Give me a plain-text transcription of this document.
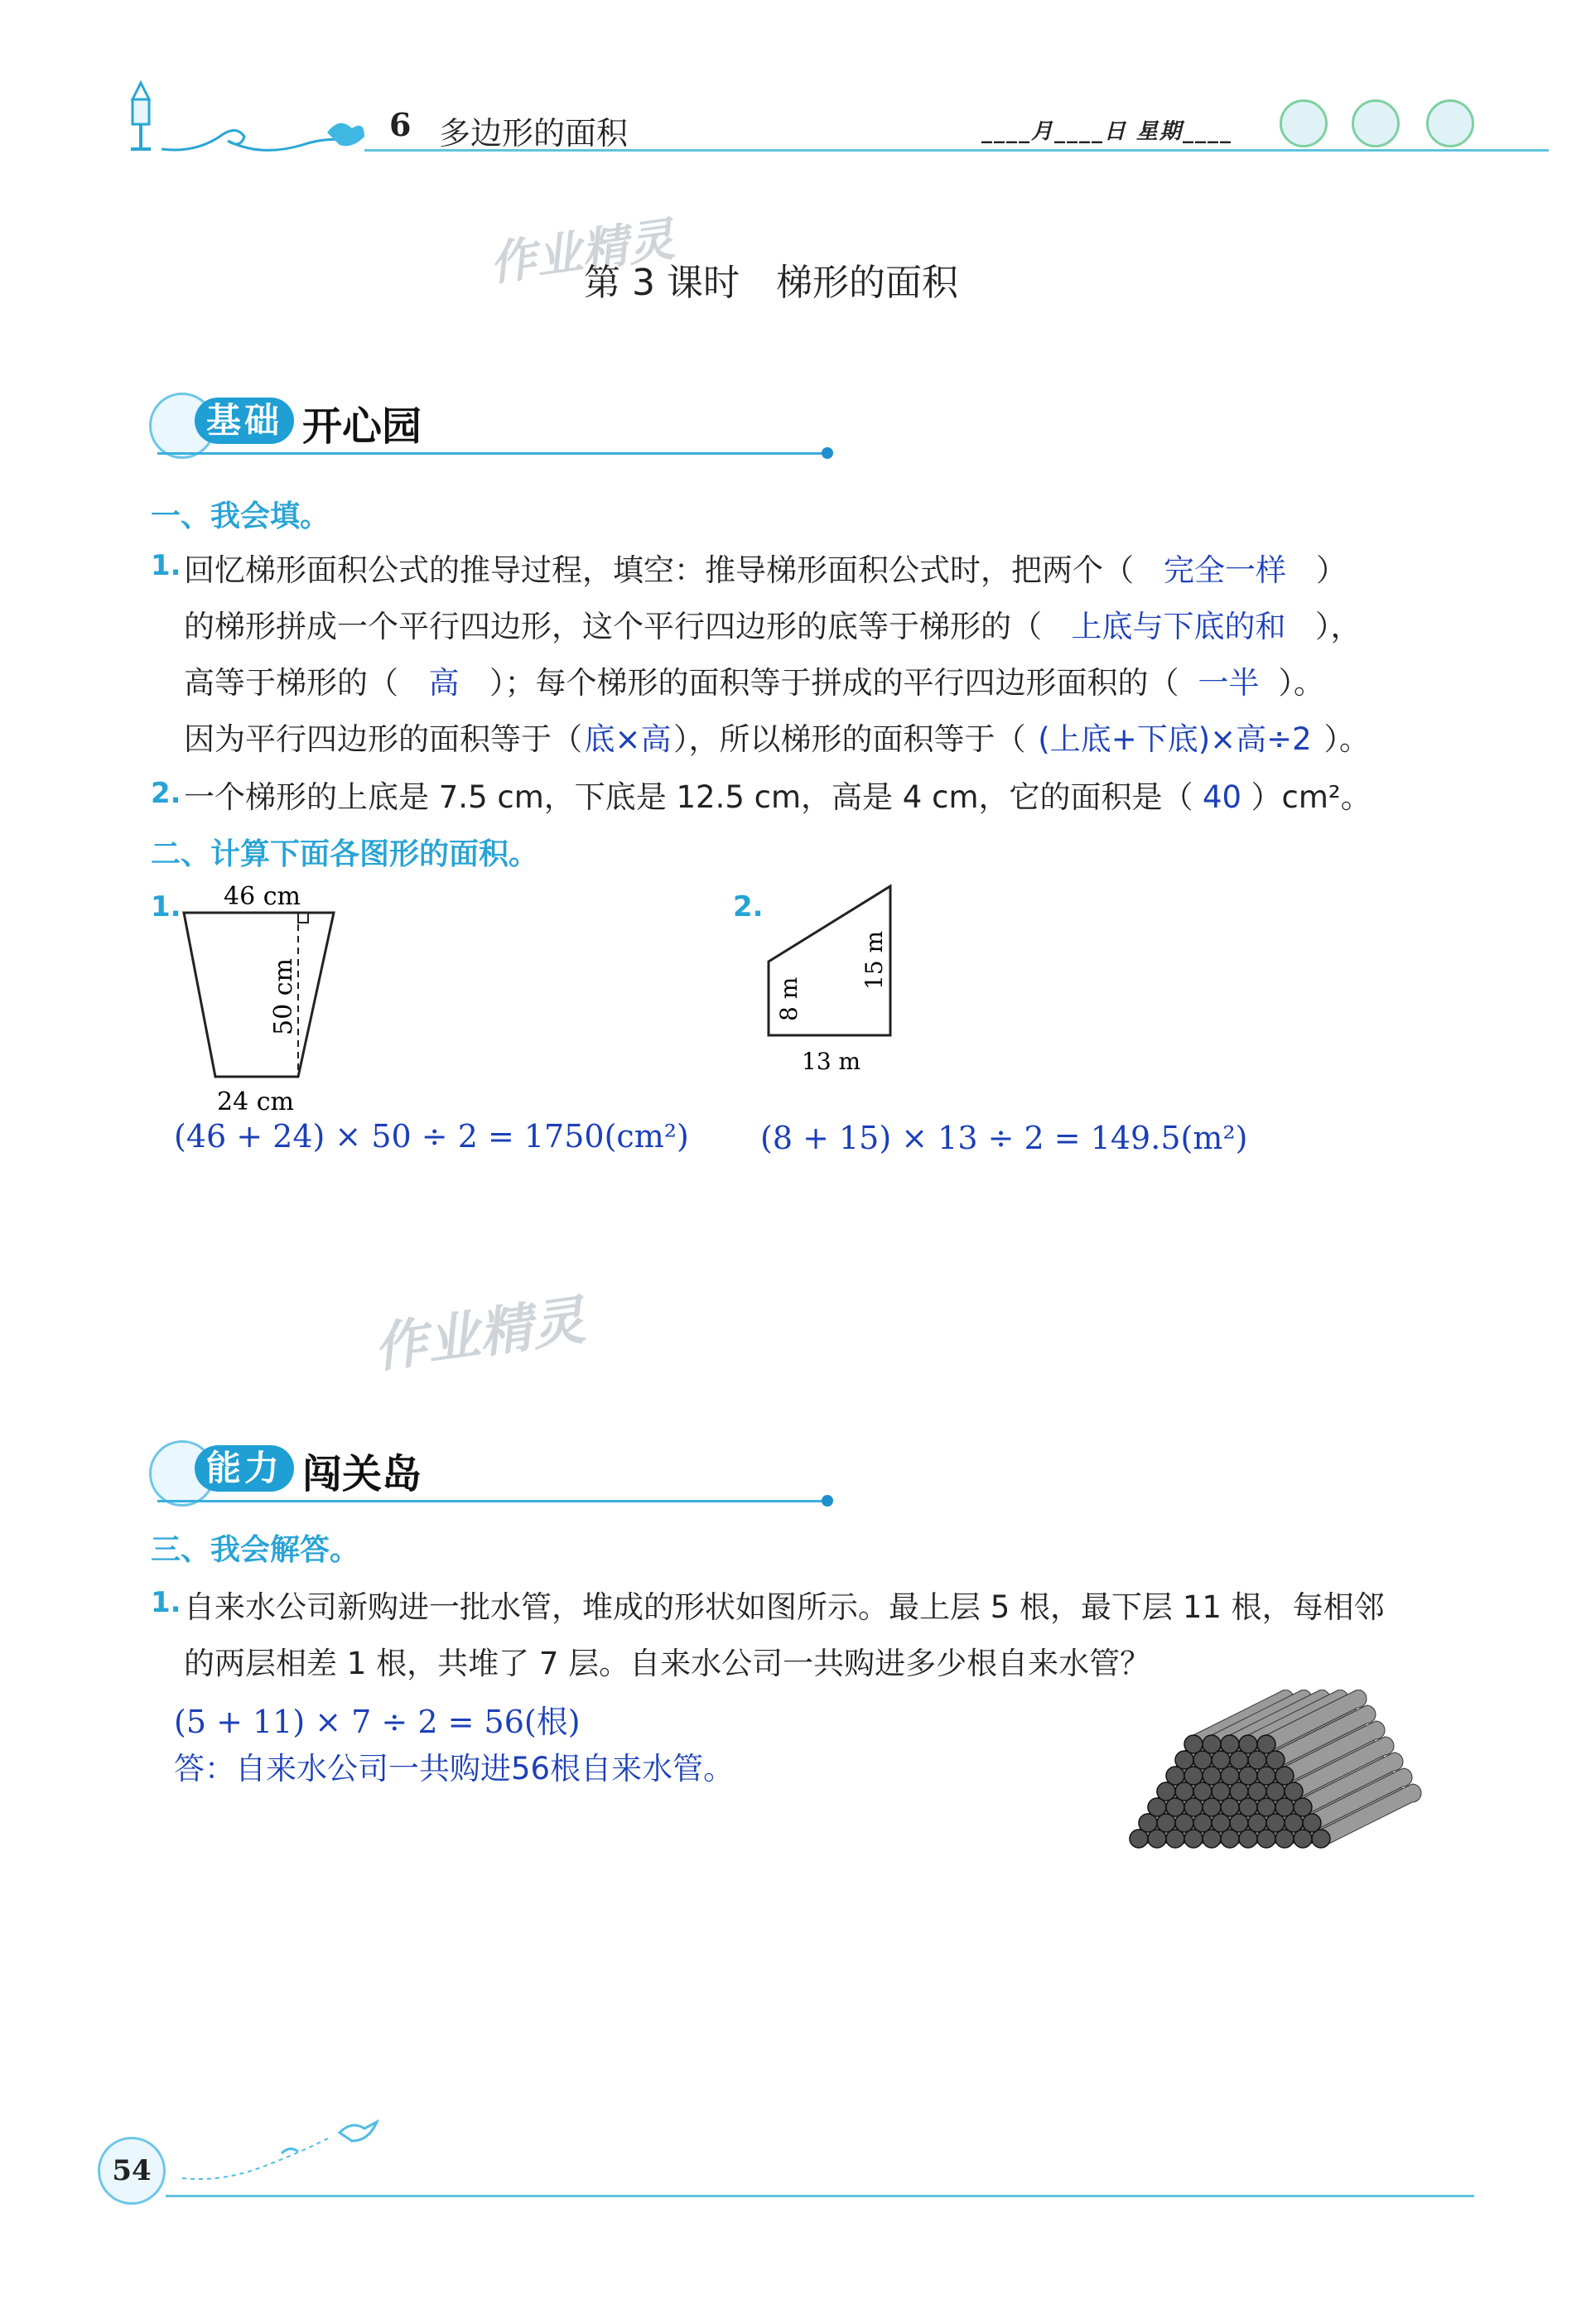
6 多边形的面积	____月____日 星期____
作业精灵
第 3 课时　梯形的面积
基础 开心园
一、我会填。
1. 回忆梯形面积公式的推导过程，填空：推导梯形面积公式时，把两个（ 完全一样 ）
的梯形拼成一个平行四边形，这个平行四边形的底等于梯形的（ 上底与下底的和 ），
高等于梯形的（ 高 ）；每个梯形的面积等于拼成的平行四边形面积的（ 一半 ）。
因为平行四边形的面积等于（底×高），所以梯形的面积等于（ (上底+下底)×高÷2 ）。
2. 一个梯形的上底是 7.5 cm，下底是 12.5 cm，高是 4 cm，它的面积是（ 40 ）cm²。
二、计算下面各图形的面积。
1. 46 cm
24 cm
50 cm
(46 + 24) × 50 ÷ 2 = 1750(cm²)
2.
8 m
15 m
13 m
(8 + 15) × 13 ÷ 2 = 149.5(m²)
作业精灵
能力 闯关岛
三、我会解答。
1. 自来水公司新购进一批水管，堆成的形状如图所示。最上层 5 根，最下层 11 根，每相邻
的两层相差 1 根，共堆了 7 层。自来水公司一共购进多少根自来水管？
(5 + 11) × 7 ÷ 2 = 56(根)
答：自来水公司一共购进56根自来水管。
54
